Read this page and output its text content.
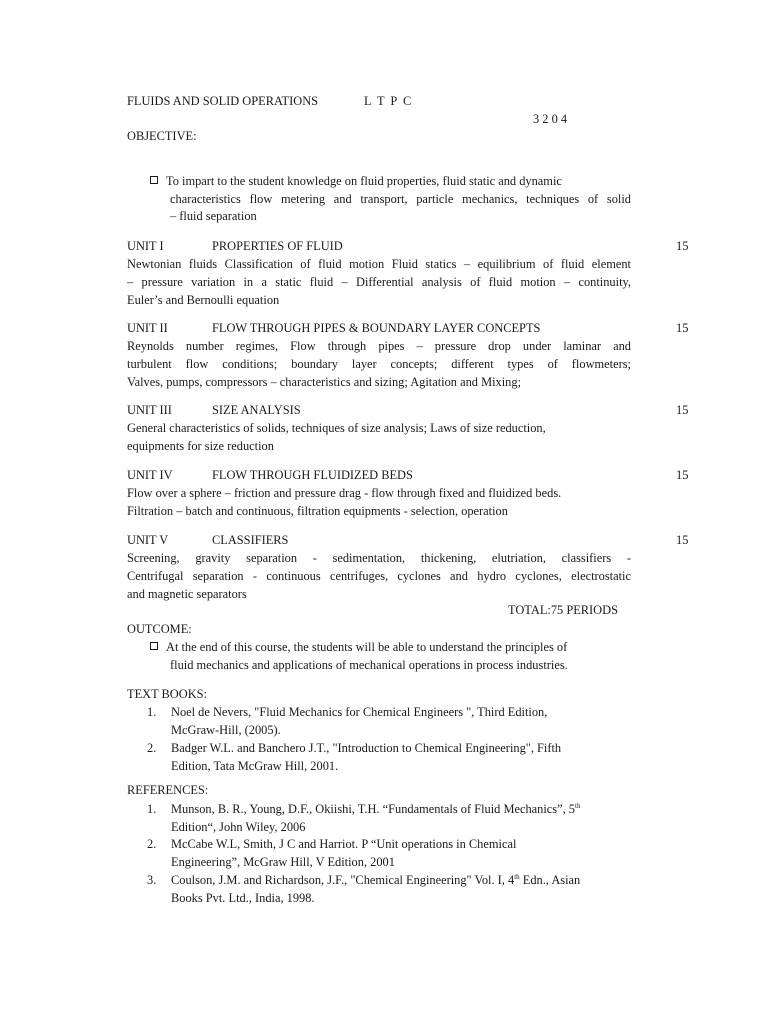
FLUIDS AND SOLID OPERATIONS	L T P C
3 2 0 4
OBJECTIVE:
To impart to the student knowledge on fluid properties, fluid static and dynamic
characteristics flow metering and transport, particle mechanics, techniques of solid
– fluid separation
UNIT I	PROPERTIES OF FLUID	15
Newtonian fluids Classification of fluid motion Fluid statics – equilibrium of fluid element
– pressure variation in a static fluid – Differential analysis of fluid motion – continuity,
Euler’s and Bernoulli equation
UNIT II	FLOW THROUGH PIPES & BOUNDARY LAYER CONCEPTS	15
Reynolds number regimes, Flow through pipes – pressure drop under laminar and
turbulent flow conditions; boundary layer concepts; different types of flowmeters;
Valves, pumps, compressors – characteristics and sizing; Agitation and Mixing;
UNIT III	SIZE ANALYSIS	15
General characteristics of solids, techniques of size analysis; Laws of size reduction,
equipments for size reduction
UNIT IV	FLOW THROUGH FLUIDIZED BEDS	15
Flow over a sphere – friction and pressure drag - flow through fixed and fluidized beds.
Filtration – batch and continuous, filtration equipments - selection, operation
UNIT V	CLASSIFIERS	15
Screening, gravity separation - sedimentation, thickening, elutriation, classifiers -
Centrifugal separation - continuous centrifuges, cyclones and hydro cyclones, electrostatic
and magnetic separators
TOTAL:75 PERIODS
OUTCOME:
At the end of this course, the students will be able to understand the principles of
fluid mechanics and applications of mechanical operations in process industries.
TEXT BOOKS:
1. Noel de Nevers, "Fluid Mechanics for Chemical Engineers ", Third Edition,
McGraw-Hill, (2005).
2. Badger W.L. and Banchero J.T., "Introduction to Chemical Engineering", Fifth
Edition, Tata McGraw Hill, 2001.
REFERENCES:
1. Munson, B. R., Young, D.F., Okiishi, T.H. “Fundamentals of Fluid Mechanics”, 5th
Edition“, John Wiley, 2006
2. McCabe W.L, Smith, J C and Harriot. P “Unit operations in Chemical
Engineering”, McGraw Hill, V Edition, 2001
3. Coulson, J.M. and Richardson, J.F., "Chemical Engineering" Vol. I, 4th Edn., Asian
Books Pvt. Ltd., India, 1998.
